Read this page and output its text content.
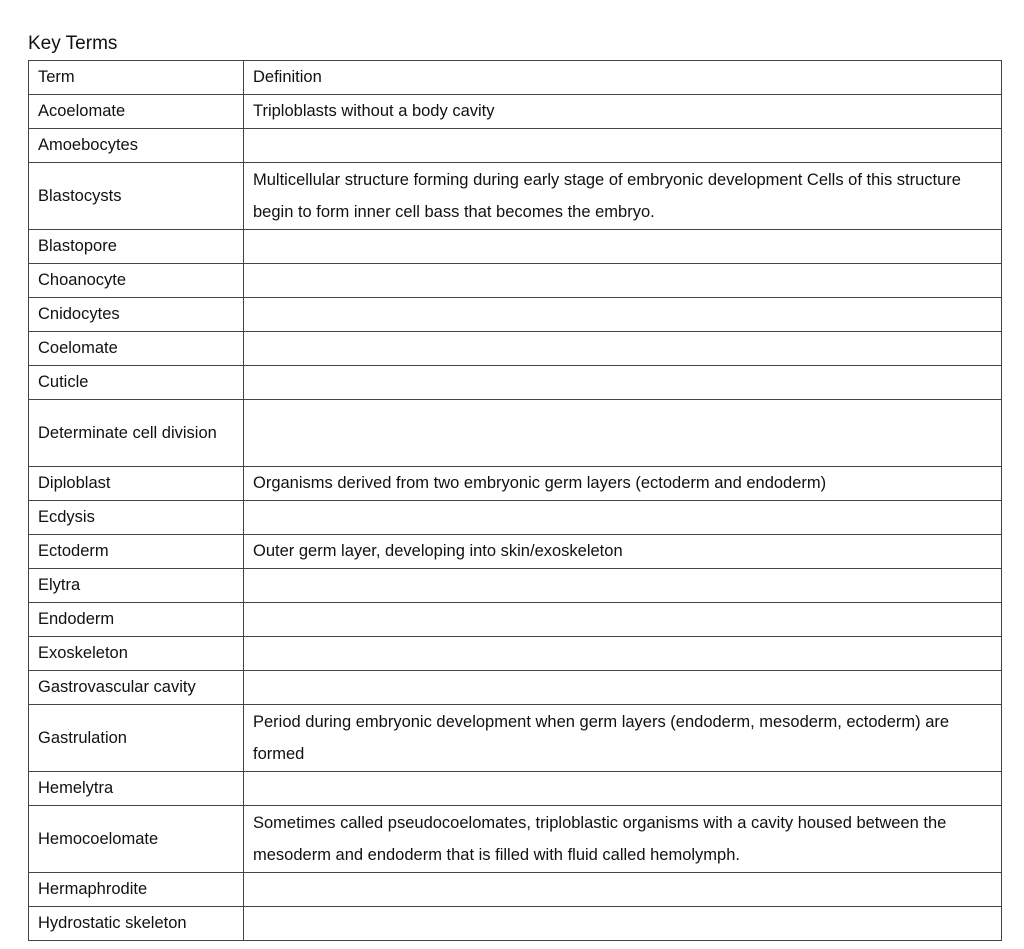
Key Terms
Term	Definition
Acoelomate	Triploblasts without a body cavity
Amoebocytes	
Blastocysts	Multicellular structure forming during early stage of embryonic development Cells of this structure begin to form inner cell bass that becomes the embryo.
Blastopore	
Choanocyte	
Cnidocytes	
Coelomate	
Cuticle	
Determinate cell division	
Diploblast	Organisms derived from two embryonic germ layers (ectoderm and endoderm)
Ecdysis	
Ectoderm	Outer germ layer, developing into skin/exoskeleton
Elytra	
Endoderm	
Exoskeleton	
Gastrovascular cavity	
Gastrulation	Period during embryonic development when germ layers (endoderm, mesoderm, ectoderm) are formed
Hemelytra	
Hemocoelomate	Sometimes called pseudocoelomates, triploblastic organisms with a cavity housed between the mesoderm and endoderm that is filled with fluid called hemolymph.
Hermaphrodite	
Hydrostatic skeleton	
